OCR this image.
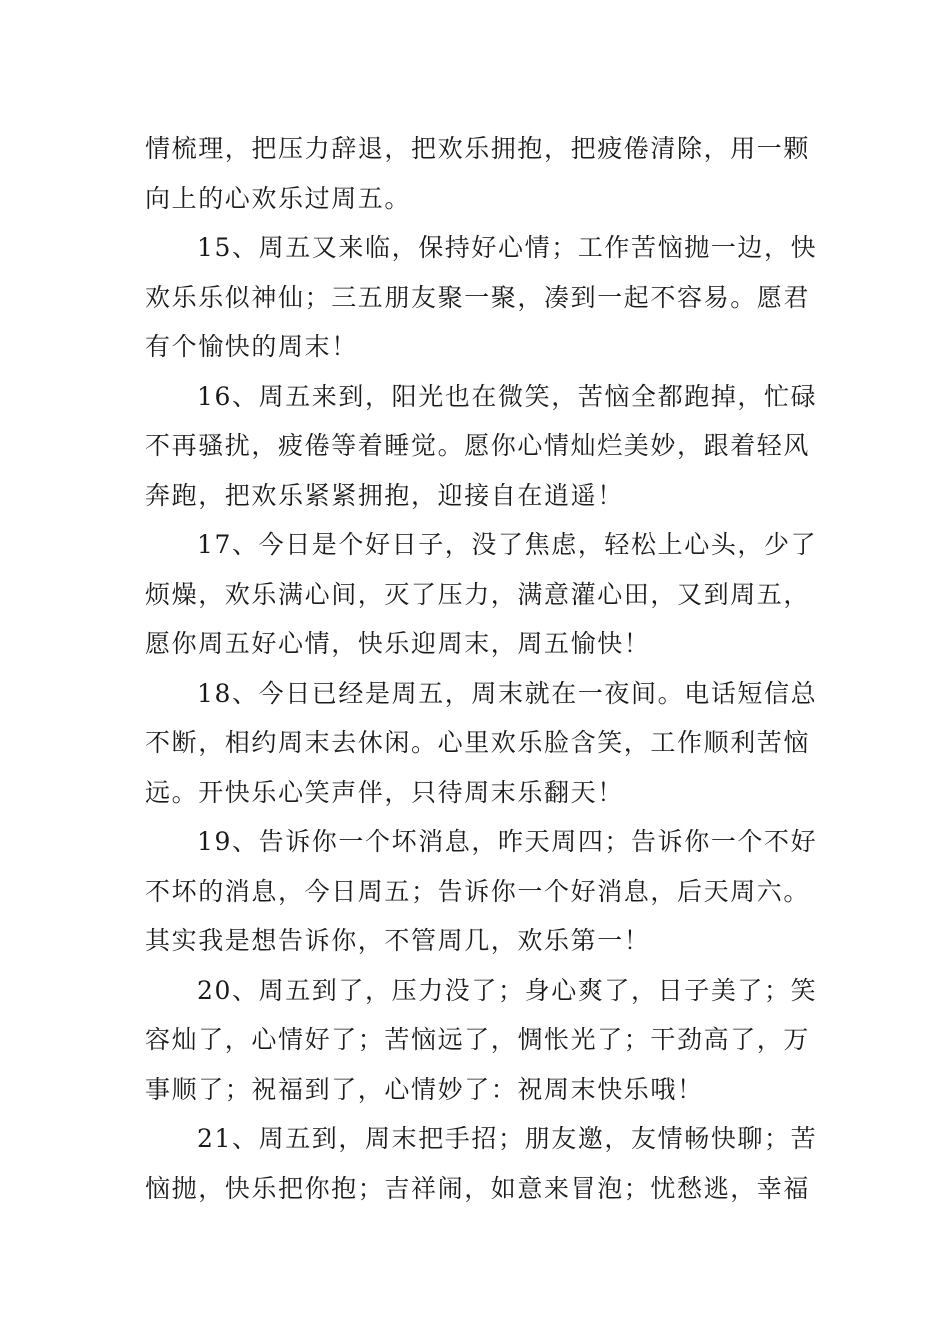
情梳理，把压力辞退，把欢乐拥抱，把疲倦清除，用一颗
向上的心欢乐过周五。

15、周五又来临，保持好心情；工作苦恼抛一边，快
欢乐乐似神仙；三五朋友聚一聚，凑到一起不容易。愿君
有个愉快的周末！

16、周五来到，阳光也在微笑，苦恼全都跑掉，忙碌
不再骚扰，疲倦等着睡觉。愿你心情灿烂美妙，跟着轻风
奔跑，把欢乐紧紧拥抱，迎接自在逍遥！

17、今日是个好日子，没了焦虑，轻松上心头，少了
烦燥，欢乐满心间，灭了压力，满意灌心田，又到周五，
愿你周五好心情，快乐迎周末，周五愉快！

18、今日已经是周五，周末就在一夜间。电话短信总
不断，相约周末去休闲。心里欢乐脸含笑，工作顺利苦恼
远。开快乐心笑声伴，只待周末乐翻天！

19、告诉你一个坏消息，昨天周四；告诉你一个不好
不坏的消息，今日周五；告诉你一个好消息，后天周六。
其实我是想告诉你，不管周几，欢乐第一！

20、周五到了，压力没了；身心爽了，日子美了；笑
容灿了，心情好了；苦恼远了，惆怅光了；干劲高了，万
事顺了；祝福到了，心情妙了：祝周末快乐哦！

21、周五到，周末把手招；朋友邀，友情畅快聊；苦
恼抛，快乐把你抱；吉祥闹，如意来冒泡；忧愁逃，幸福
